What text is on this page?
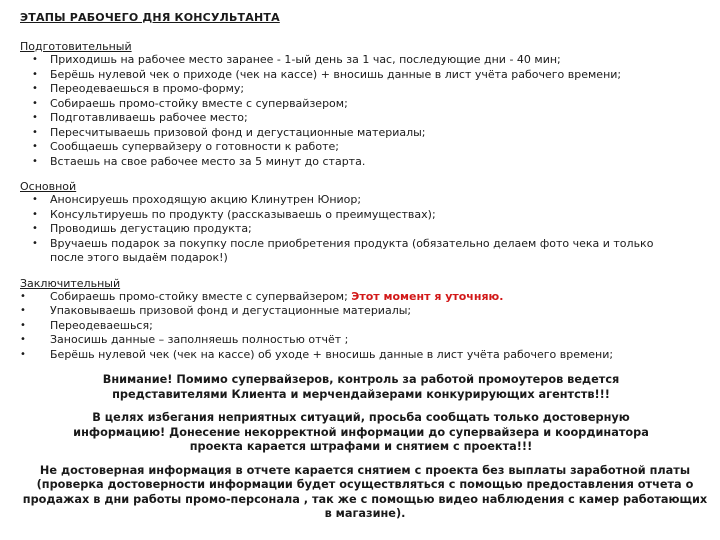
ЭТАПЫ РАБОЧЕГО ДНЯ КОНСУЛЬТАНТА
Подготовительный
• Приходишь на рабочее место заранее - 1-ый день за 1 час, последующие дни - 40 мин;
• Берёшь нулевой чек о приходе (чек на кассе) + вносишь данные в лист учёта рабочего времени;
• Переодеваешься в промо-форму;
• Собираешь промо-стойку вместе с супервайзером;
• Подготавливаешь рабочее место;
• Пересчитываешь призовой фонд и дегустационные материалы;
• Сообщаешь супервайзеру о готовности к работе;
• Встаешь на свое рабочее место за 5 минут до старта.
Основной
• Анонсируешь проходящую акцию Клинутрен Юниор;
• Консультируешь по продукту (рассказываешь о преимуществах);
• Проводишь дегустацию продукта;
• Вручаешь подарок за покупку после приобретения продукта (обязательно делаем фото чека и только после этого выдаём подарок!)
Заключительный
• Собираешь промо-стойку вместе с супервайзером; Этот момент я уточняю.
• Упаковываешь призовой фонд и дегустационные материалы;
• Переодеваешься;
• Заносишь данные – заполняешь полностью отчёт ;
• Берёшь нулевой чек (чек на кассе) об уходе + вносишь данные в лист учёта рабочего времени;
Внимание! Помимо супервайзеров, контроль за работой промоутеров ведется представителями Клиента и мерчендайзерами конкурирующих агентств!!!
В целях избегания неприятных ситуаций, просьба сообщать только достоверную информацию! Донесение некорректной информации до супервайзера и координатора проекта карается штрафами и снятием с проекта!!!
Не достоверная информация в отчете карается снятием с проекта без выплаты заработной платы (проверка достоверности информации будет осуществляться с помощью предоставления отчета о продажах в дни работы промо-персонала , так же с помощью видео наблюдения с камер работающих в магазине).
